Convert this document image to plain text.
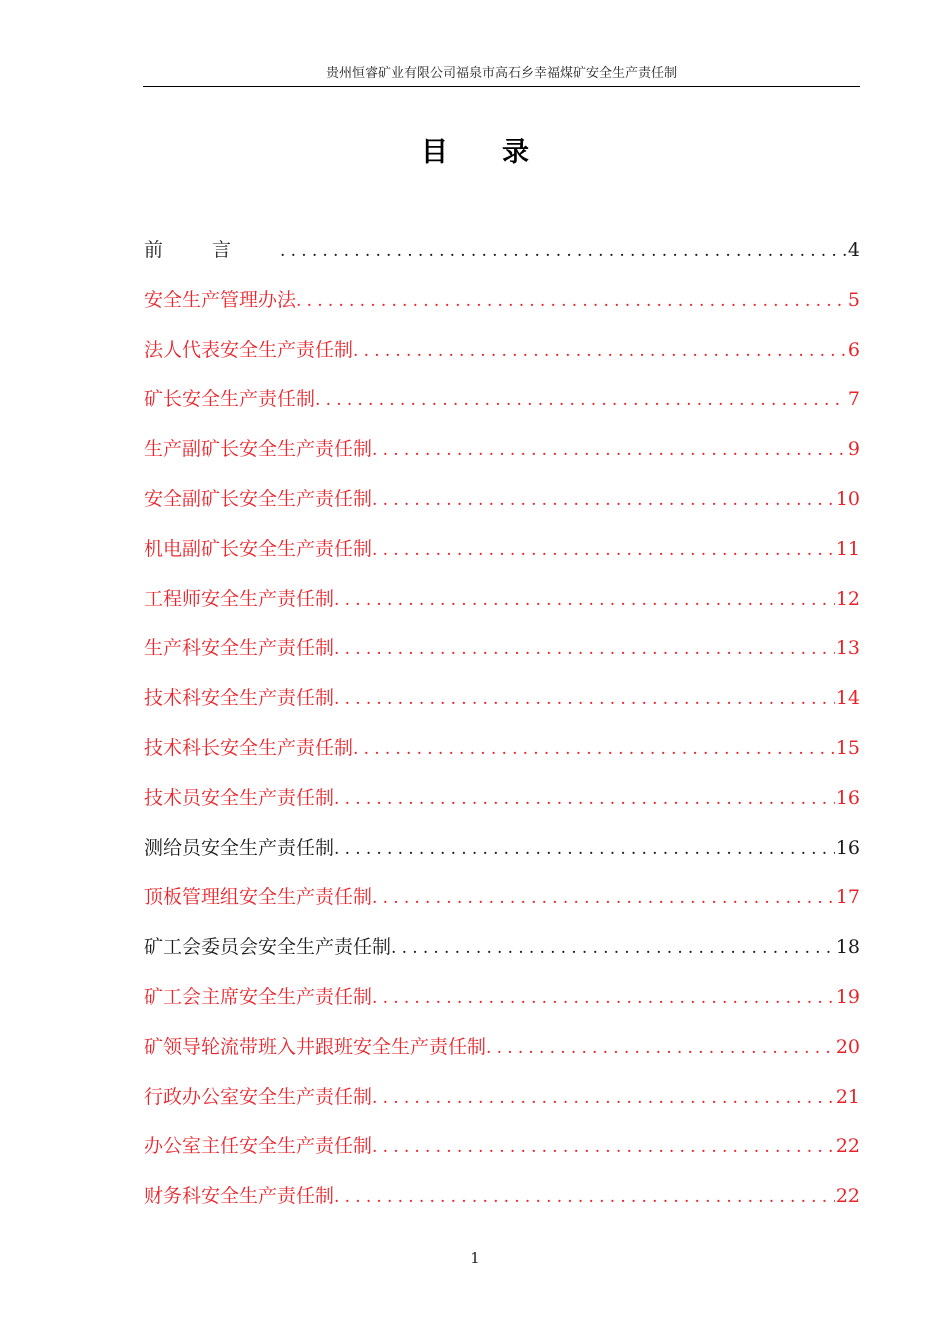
贵州恒睿矿业有限公司福泉市高石乡幸福煤矿安全生产责任制
目录
前言 .....	4
安全生产管理办法 .....	5
法人代表安全生产责任制 .....	6
矿长安全生产责任制 .....	7
生产副矿长安全生产责任制 .....	9
安全副矿长安全生产责任制 .....	10
机电副矿长安全生产责任制 .....	11
工程师安全生产责任制 .....	12
生产科安全生产责任制 .....	13
技术科安全生产责任制 .....	14
技术科长安全生产责任制 .....	15
技术员安全生产责任制 .....	16
测给员安全生产责任制 .....	16
顶板管理组安全生产责任制 .....	17
矿工会委员会安全生产责任制 .....	18
矿工会主席安全生产责任制 .....	19
矿领导轮流带班入井跟班安全生产责任制 .....	20
行政办公室安全生产责任制 .....	21
办公室主任安全生产责任制 .....	22
财务科安全生产责任制 .....	22
1
